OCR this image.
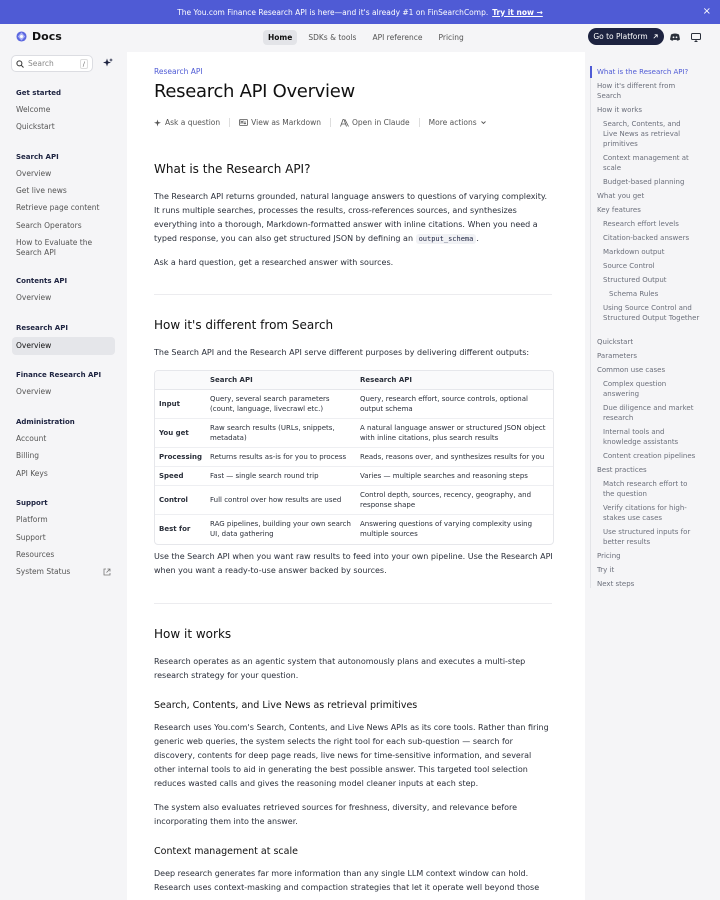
The You.com Finance Research API is here—and it's already #1 on FinSearchComp. Try it now →	×
Docs	Home	SDKs & tools	API reference	Pricing	Go to Platform
Search	/
Get started
Welcome
Quickstart
Search API
Overview
Get live news
Retrieve page content
Search Operators
How to Evaluate the Search API
Contents API
Overview
Research API
Overview
Finance Research API
Overview
Administration
Account
Billing
API Keys
Support
Platform
Support
Resources
System Status
Research API
Research API Overview
Ask a question	View as Markdown	Open in Claude	More actions
What is the Research API?
The Research API returns grounded, natural language answers to questions of varying complexity. It runs multiple searches, processes the results, cross-references sources, and synthesizes everything into a thorough, Markdown-formatted answer with inline citations. When you need a typed response, you can also get structured JSON by defining an output_schema .
Ask a hard question, get a researched answer with sources.
How it's different from Search
The Search API and the Research API serve different purposes by delivering different outputs:
	Search API	Research API
Input	Query, several search parameters (count, language, livecrawl etc.)	Query, research effort, source controls, optional output schema
You get	Raw search results (URLs, snippets, metadata)	A natural language answer or structured JSON object with inline citations, plus search results
Processing	Returns results as-is for you to process	Reads, reasons over, and synthesizes results for you
Speed	Fast — single search round trip	Varies — multiple searches and reasoning steps
Control	Full control over how results are used	Control depth, sources, recency, geography, and response shape
Best for	RAG pipelines, building your own search UI, data gathering	Answering questions of varying complexity using multiple sources
Use the Search API when you want raw results to feed into your own pipeline. Use the Research API when you want a ready-to-use answer backed by sources.
How it works
Research operates as an agentic system that autonomously plans and executes a multi-step research strategy for your question.
Search, Contents, and Live News as retrieval primitives
Research uses You.com's Search, Contents, and Live News APIs as its core tools. Rather than firing generic web queries, the system selects the right tool for each sub-question — search for discovery, contents for deep page reads, live news for time-sensitive information, and several other internal tools to aid in generating the best possible answer. This targeted tool selection reduces wasted calls and gives the reasoning model cleaner inputs at each step.
The system also evaluates retrieved sources for freshness, diversity, and relevance before incorporating them into the answer.
Context management at scale
Deep research generates far more information than any single LLM context window can hold. Research uses context-masking and compaction strategies that let it operate well beyond those
What is the Research API?
How it's different from Search
How it works
Search, Contents, and Live News as retrieval primitives
Context management at scale
Budget-based planning
What you get
Key features
Research effort levels
Citation-backed answers
Markdown output
Source Control
Structured Output
Schema Rules
Using Source Control and Structured Output Together
Quickstart
Parameters
Common use cases
Complex question answering
Due diligence and market research
Internal tools and knowledge assistants
Content creation pipelines
Best practices
Match research effort to the question
Verify citations for high-stakes use cases
Use structured inputs for better results
Pricing
Try it
Next steps
